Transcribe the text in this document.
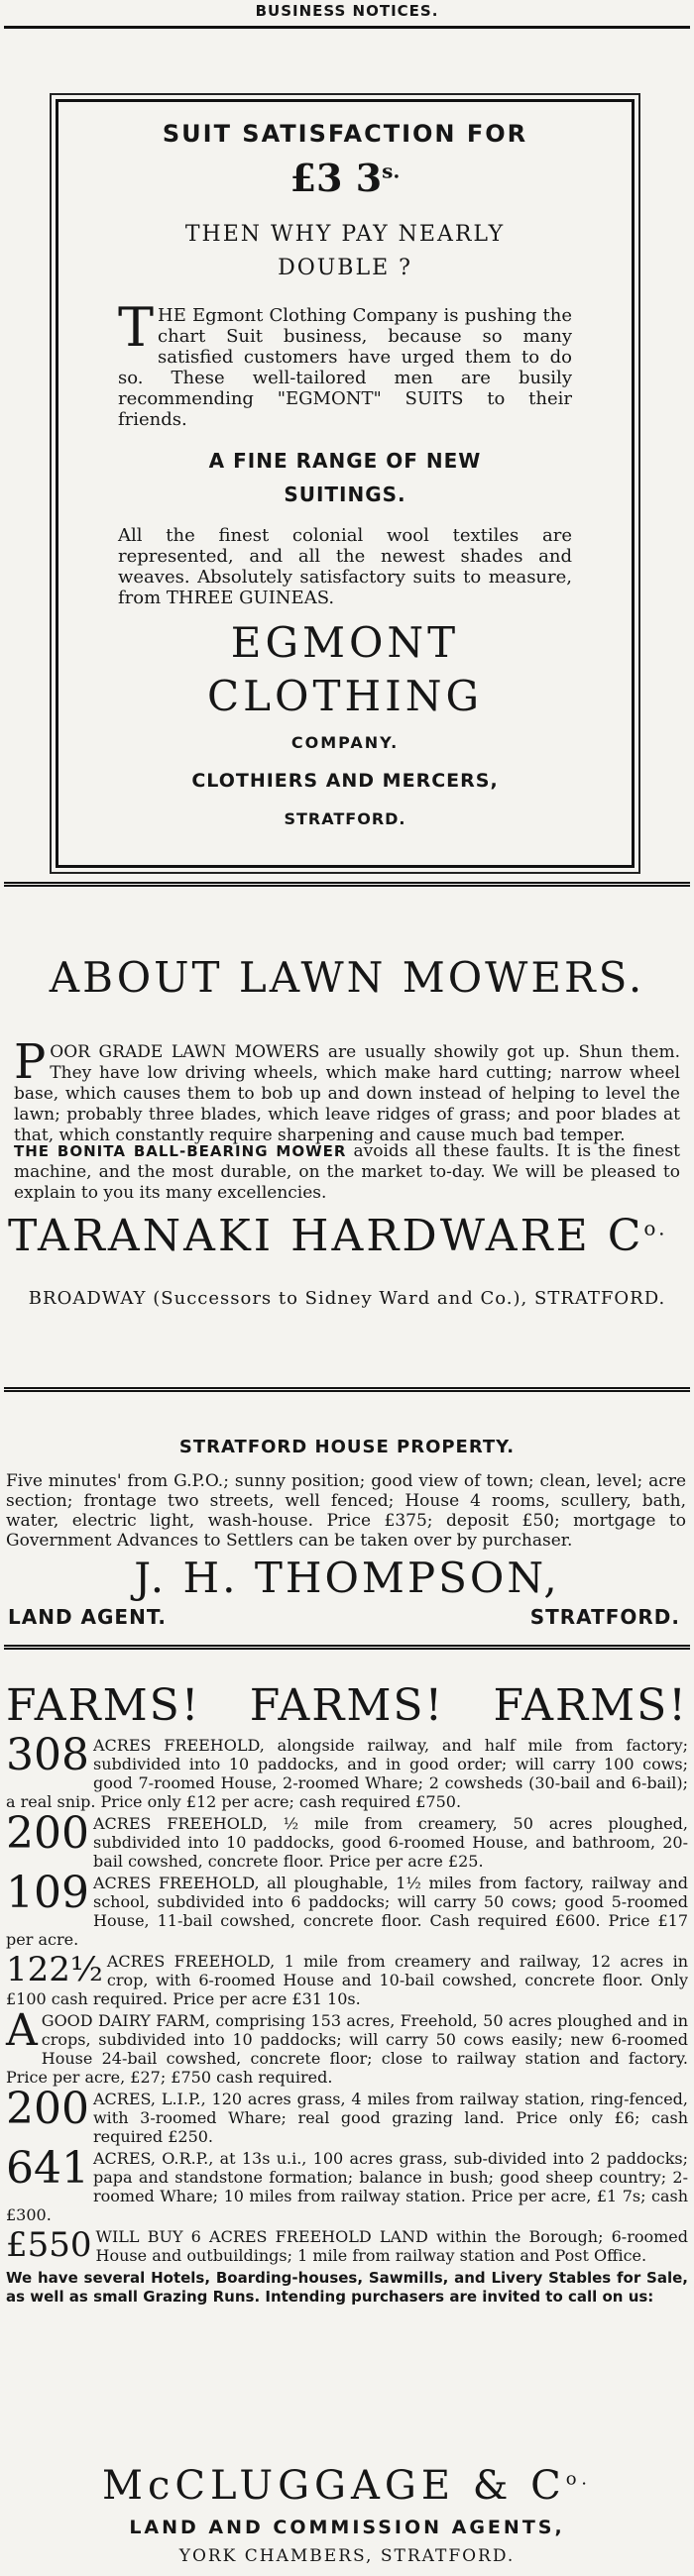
BUSINESS NOTICES.
SUIT SATISFACTION FOR
£3 $3^{s.}$
THEN WHY PAY NEARLY
DOUBLE ?
THE Egmont Clothing Company is pushing the chart Suit business, because so many satisfied customers have urged them to do so. These well-tailored men are busily recommending "EGMONT" SUITS to their friends.
A FINE RANGE OF NEW
SUITINGS.
All the finest colonial wool textiles are represented, and all the newest shades and weaves. Absolutely satisfactory suits to measure, from THREE GUINEAS.
EGMONT
CLOTHING
COMPANY.
CLOTHIERS AND MERCERS,
STRATFORD.
ABOUT LAWN MOWERS.
POOR GRADE LAWN MOWERS are usually showily got up. Shun them. They have low driving wheels, which make hard cutting; narrow wheel base, which causes them to bob up and down instead of helping to level the lawn; probably three blades, which leave ridges of grass; and poor blades at that, which constantly require sharpening and cause much bad temper.
THE BONITA BALL-BEARING MOWER avoids all these faults. It is the finest machine, and the most durable, on the market to-day. We will be pleased to explain to you its many excellencies.
TARANAKI HARDWARE $C^{o.}$
BROADWAY (Successors to Sidney Ward and Co.), STRATFORD.
STRATFORD HOUSE PROPERTY.
Five minutes' from G.P.O.; sunny position; good view of town; clean, level; acre section; frontage two streets, well fenced; House 4 rooms, scullery, bath, water, electric light, wash-house. Price £375; deposit £50; mortgage to Government Advances to Settlers can be taken over by purchaser.
J. H. THOMPSON,
LAND AGENT.	STRATFORD.
FARMS! FARMS! FARMS!
308 ACRES FREEHOLD, alongside railway, and half mile from factory; subdivided into 10 paddocks, and in good order; will carry 100 cows; good 7-roomed House, 2-roomed Whare; 2 cowsheds (30-bail and 6-bail); a real snip. Price only £12 per acre; cash required £750.
200 ACRES FREEHOLD, ½ mile from creamery, 50 acres ploughed, subdivided into 10 paddocks, good 6-roomed House, and bathroom, 20-bail cowshed, concrete floor. Price per acre £25.
109 ACRES FREEHOLD, all ploughable, 1½ miles from factory, railway and school, subdivided into 6 paddocks; will carry 50 cows; good 5-roomed House, 11-bail cowshed, concrete floor. Cash required £600. Price £17 per acre.
122½ ACRES FREEHOLD, 1 mile from creamery and railway, 12 acres in crop, with 6-roomed House and 10-bail cowshed, concrete floor. Only £100 cash required. Price per acre £31 10s.
AGOOD DAIRY FARM, comprising 153 acres, Freehold, 50 acres ploughed and in crops, subdivided into 10 paddocks; will carry 50 cows easily; new 6-roomed House 24-bail cowshed, concrete floor; close to railway station and factory. Price per acre, £27; £750 cash required.
200 ACRES, L.I.P., 120 acres grass, 4 miles from railway station, ring-fenced, with 3-roomed Whare; real good grazing land. Price only £6; cash required £250.
641 ACRES, O.R.P., at 13s u.i., 100 acres grass, sub-divided into 2 paddocks; papa and standstone formation; balance in bush; good sheep country; 2-roomed Whare; 10 miles from railway station. Price per acre, £1 7s; cash £300.
£550 WILL BUY 6 ACRES FREEHOLD LAND within the Borough; 6-roomed House and outbuildings; 1 mile from railway station and Post Office.
We have several Hotels, Boarding-houses, Sawmills, and Livery Stables for Sale, as well as small Grazing Runs. Intending purchasers are invited to call on us:
McCLUGGAGE & $C^{o.}$
LAND AND COMMISSION AGENTS,
YORK CHAMBERS, STRATFORD.
